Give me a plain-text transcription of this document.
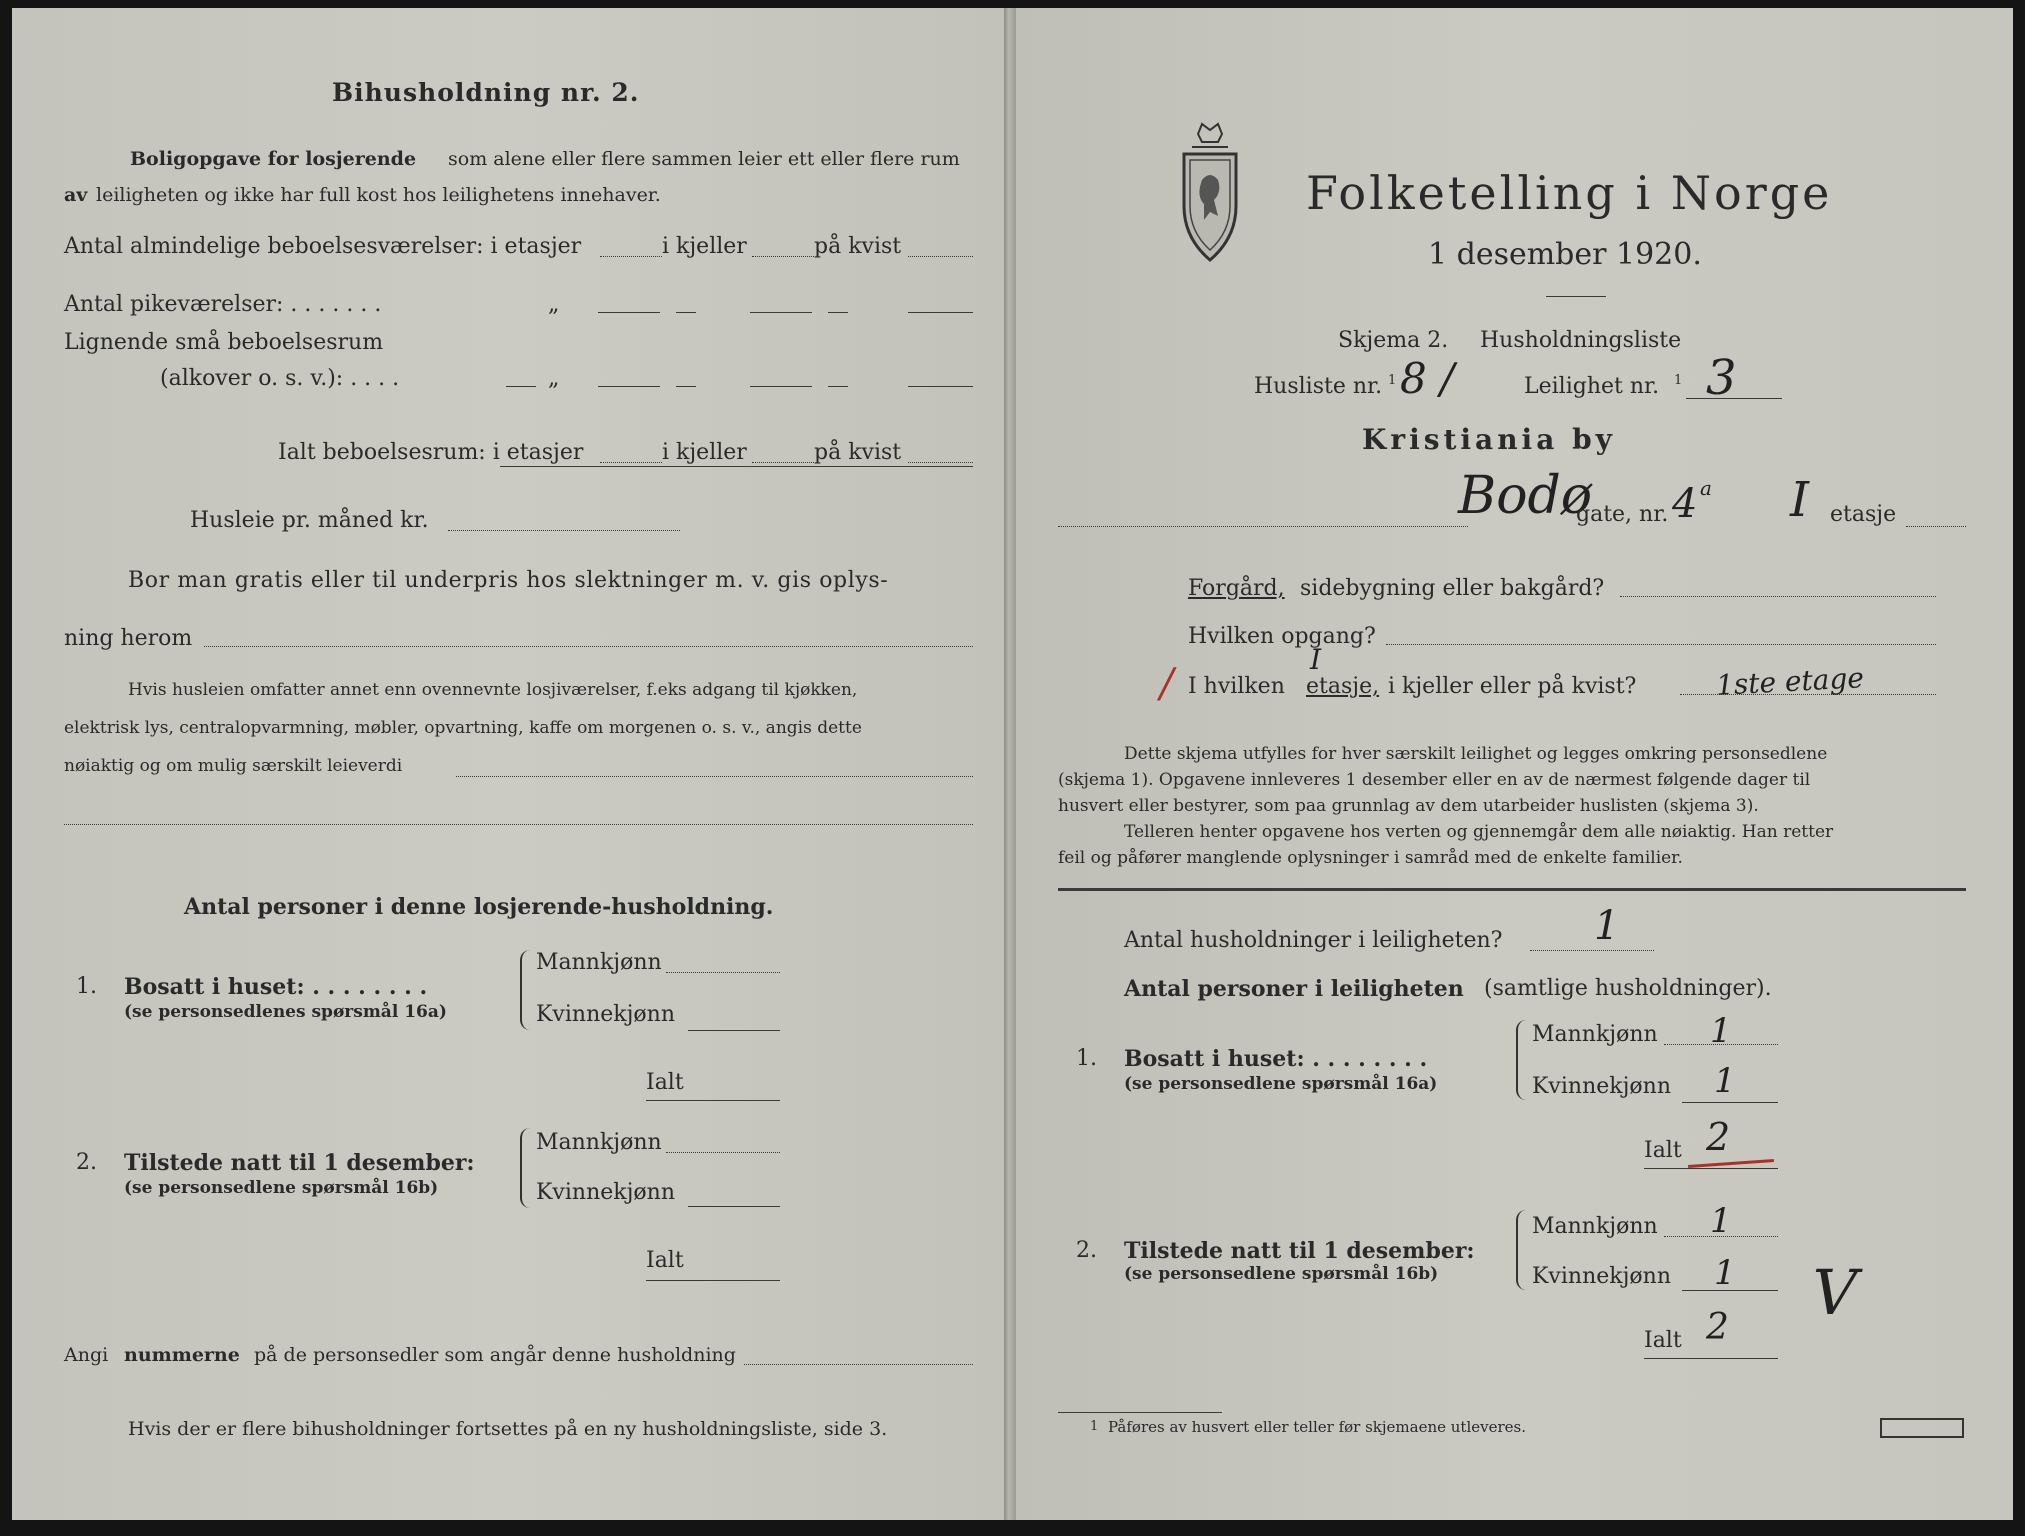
Bihusholdning nr. 2.
Boligopgave for losjerende som alene eller flere sammen leier ett eller flere rum
av leiligheten og ikke har full kost hos leilighetens innehaver.
Antal almindelige beboelsesværelser: i etasjer	i kjeller	på kvist
Antal pikeværelser: . . . . . . .	„
Lignende små beboelsesrum
(alkover o. s. v.): . . . .	„
Ialt beboelsesrum: i etasjer	i kjeller	på kvist
Husleie pr. måned kr.
Bor man gratis eller til underpris hos slektninger m. v. gis oplys-
ning herom
Hvis husleien omfatter annet enn ovennevnte losjiværelser, f.eks adgang til kjøkken,
elektrisk lys, centralopvarmning, møbler, opvartning, kaffe om morgenen o. s. v., angis dette
nøiaktig og om mulig særskilt leieverdi
Antal personer i denne losjerende-husholdning.
1. Bosatt i huset: . . . . . . . .
(se personsedlenes spørsmål 16a)
Mannkjønn
Kvinnekjønn
Ialt
2. Tilstede natt til 1 desember:
(se personsedlene spørsmål 16b)
Mannkjønn
Kvinnekjønn
Ialt
Angi nummerne på de personsedler som angår denne husholdning
Hvis der er flere bihusholdninger fortsettes på en ny husholdningsliste, side 3.
Folketelling i Norge
1 desember 1920.
Skjema 2. Husholdningsliste
Husliste nr. 1 8 /	Leilighet nr. 1 3
Kristiania by
Bodø
gate, nr. 4 a I etasje
Forgård, sidebygning eller bakgård?
Hvilken opgang?
/ I hvilken
I
etasje, i kjeller eller på kvist?	1ste etage
Dette skjema utfylles for hver særskilt leilighet og legges omkring personsedlene
(skjema 1). Opgavene innleveres 1 desember eller en av de nærmest følgende dager til
husvert eller bestyrer, som paa grunnlag av dem utarbeider huslisten (skjema 3).
Telleren henter opgavene hos verten og gjennemgår dem alle nøiaktig. Han retter
feil og påfører manglende oplysninger i samråd med de enkelte familier.
Antal husholdninger i leiligheten? 1
Antal personer i leiligheten (samtlige husholdninger).
1. Bosatt i huset: . . . . . . . .
(se personsedlene spørsmål 16a)
Mannkjønn 1
Kvinnekjønn 1
Ialt 2
2. Tilstede natt til 1 desember:
(se personsedlene spørsmål 16b)
Mannkjønn 1
Kvinnekjønn 1
Ialt 2 V
1 Påføres av husvert eller teller før skjemaene utleveres.
